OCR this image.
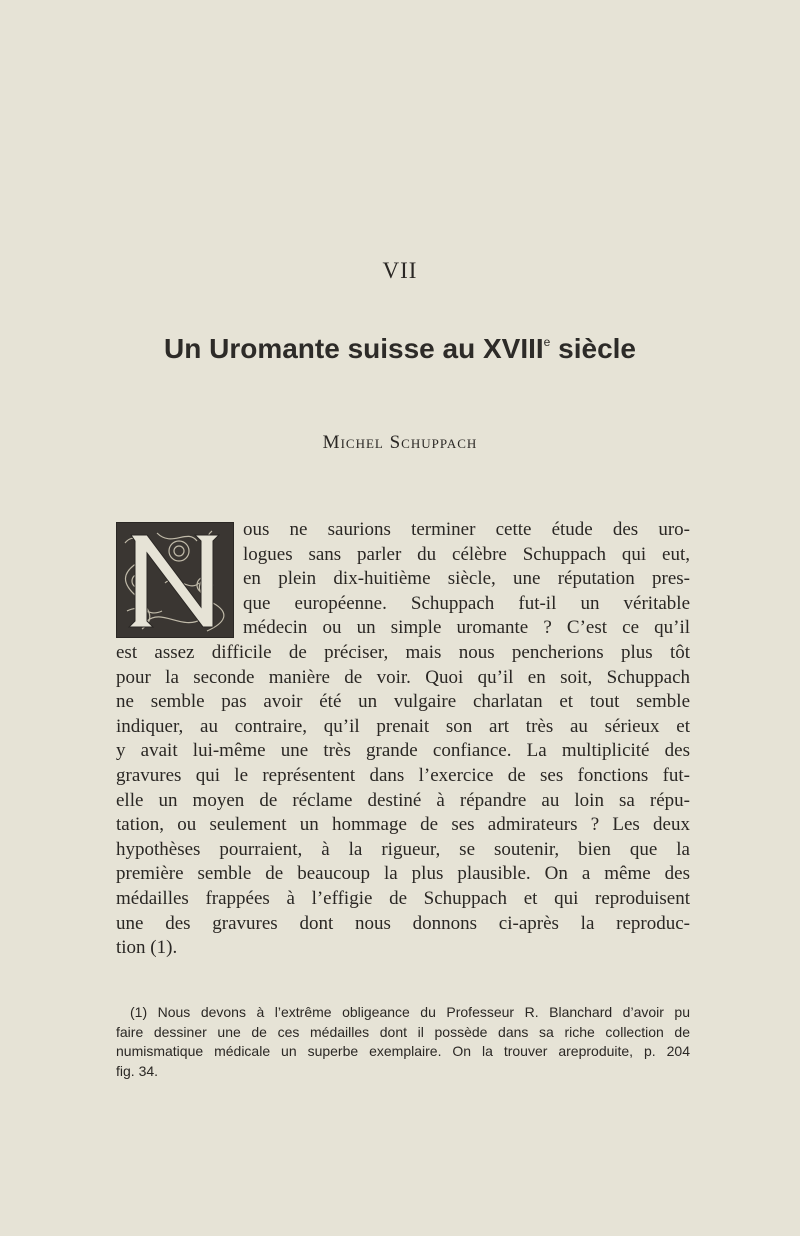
VII
Un Uromante suisse au XVIIIe siècle
Michel Schuppach
ous ne saurions terminer cette étude des uro-
logues sans parler du célèbre Schuppach qui eut,
en plein dix-huitième siècle, une réputation pres-
que européenne. Schuppach fut-il un véritable
médecin ou un simple uromante ? C’est ce qu’il
est assez difficile de préciser, mais nous pencherions plus tôt
pour la seconde manière de voir. Quoi qu’il en soit, Schuppach
ne semble pas avoir été un vulgaire charlatan et tout semble
indiquer, au contraire, qu’il prenait son art très au sérieux et
y avait lui-même une très grande confiance. La multiplicité des
gravures qui le représentent dans l’exercice de ses fonctions fut-
elle un moyen de réclame destiné à répandre au loin sa répu-
tation, ou seulement un hommage de ses admirateurs ? Les deux
hypothèses pourraient, à la rigueur, se soutenir, bien que la
première semble de beaucoup la plus plausible. On a même des
médailles frappées à l’effigie de Schuppach et qui reproduisent
une des gravures dont nous donnons ci-après la reproduc-
tion (1).
(1) Nous devons à l’extrême obligeance du Professeur R. Blanchard d’avoir pu
faire dessiner une de ces médailles dont il possède dans sa riche collection de
numismatique médicale un superbe exemplaire. On la trouver areproduite, p. 204
fig. 34.
